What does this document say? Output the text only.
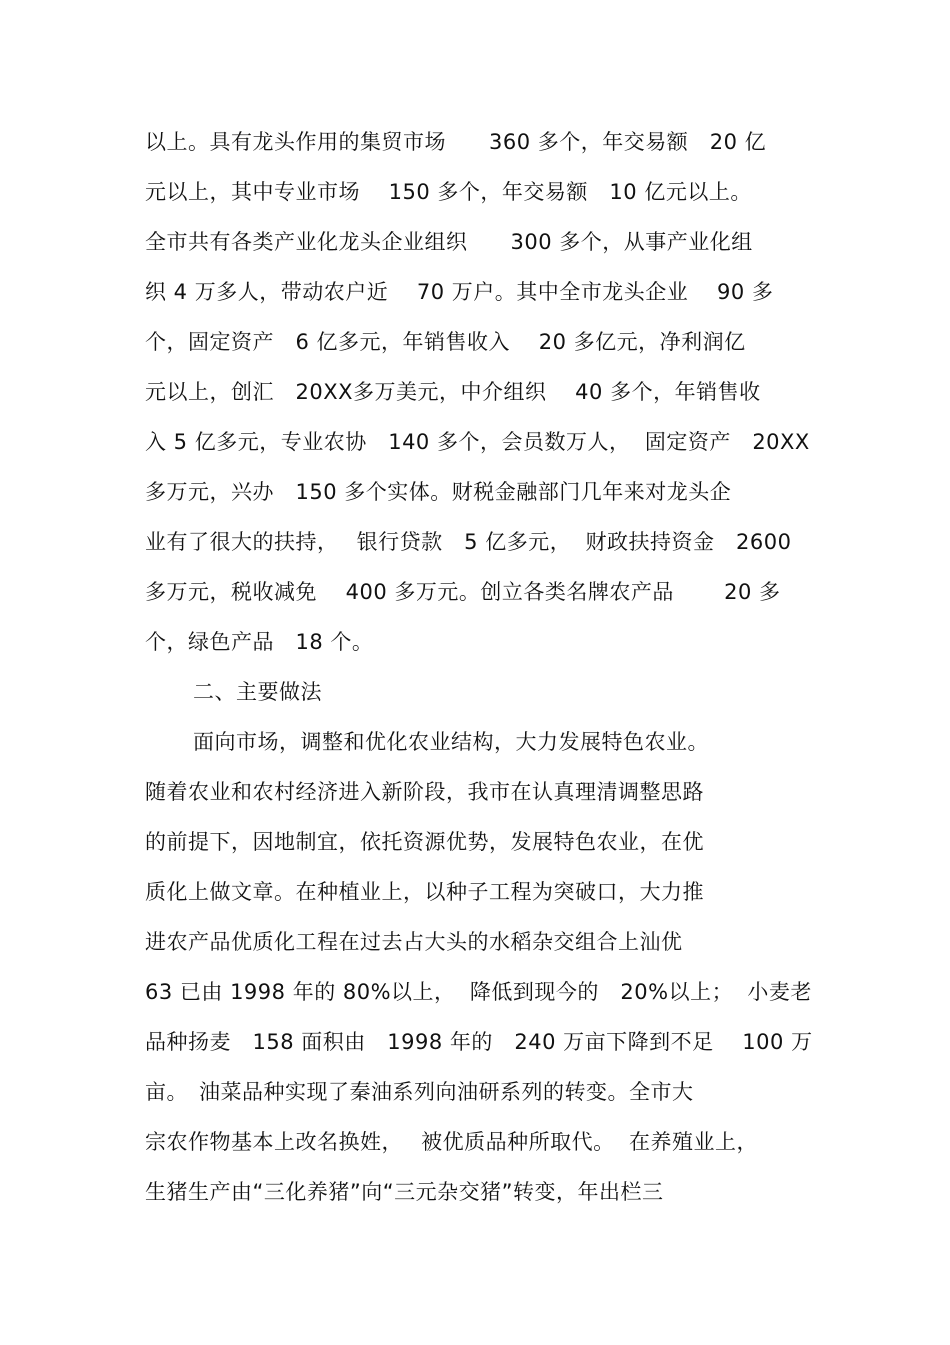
以上。具有龙头作用的集贸市场　　360 多个，年交易额　20 亿
元以上，其中专业市场　 150 多个，年交易额　10 亿元以上。
全市共有各类产业化龙头企业组织　　300 多个，从事产业化组
织 4 万多人，带动农户近　 70 万户。其中全市龙头企业　 90 多
个，固定资产　6 亿多元，年销售收入　 20 多亿元，净利润亿
元以上，创汇　20XX多万美元，中介组织　 40 多个，年销售收
入 5 亿多元，专业农协　140 多个，会员数万人，  固定资产　20XX
多万元，兴办　150 多个实体。财税金融部门几年来对龙头企
业有了很大的扶持，　 银行贷款　5 亿多元，  财政扶持资金　2600
多万元，税收减免　 400 多万元。创立各类名牌农产品　　 20 多
个，绿色产品　18 个。
二、主要做法
面向市场，调整和优化农业结构，大力发展特色农业。
随着农业和农村经济进入新阶段，我市在认真理清调整思路
的前提下，因地制宜，依托资源优势，发展特色农业，在优
质化上做文章。在种植业上，以种子工程为突破口，大力推
进农产品优质化工程在过去占大头的水稻杂交组合上汕优
63 已由 1998 年的 80%以上，  降低到现今的　20%以上；  小麦老
品种扬麦　158 面积由　1998 年的　240 万亩下降到不足　 100 万
亩。　油菜品种实现了秦油系列向油研系列的转变。全市大
宗农作物基本上改名换姓，　 被优质品种所取代。  在养殖业上，
生猪生产由“三化养猪”向“三元杂交猪”转变，年出栏三
